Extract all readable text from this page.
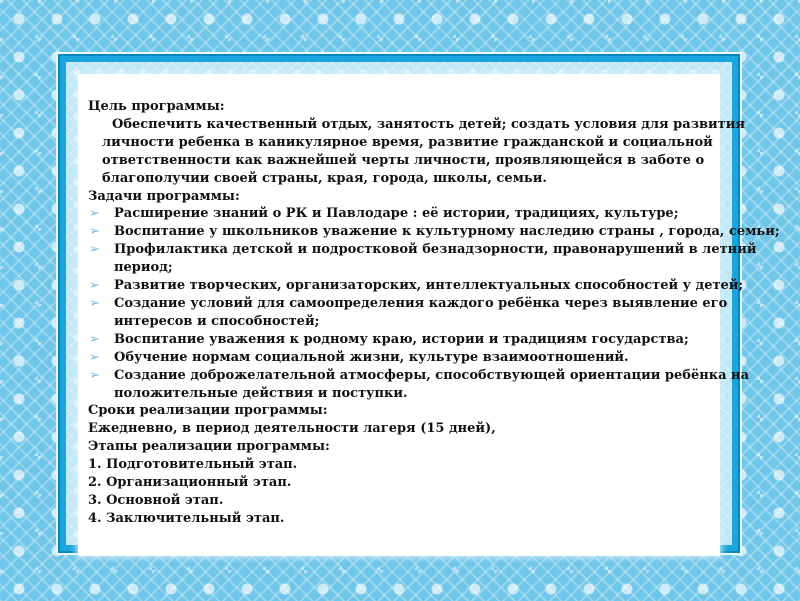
Цель программы:
Обеспечить качественный отдых, занятость детей; создать условия для развития
личности ребенка в каникулярное время, развитие гражданской и социальной
ответственности как важнейшей черты личности, проявляющейся в заботе о
благополучии своей страны, края, города, школы, семьи.
Задачи программы:
➢	Расширение знаний о РК и Павлодаре : её истории, традициях, культуре;
➢	Воспитание у школьников уважение к культурному наследию страны , города, семьи;
➢	Профилактика детской и подростковой безнадзорности, правонарушений в летний
период;
➢	Развитие творческих, организаторских, интеллектуальных способностей у детей;
➢	Создание условий для самоопределения каждого ребёнка через выявление его
интересов и способностей;
➢	Воспитание уважения к родному краю, истории и традициям государства;
➢	Обучение нормам социальной жизни, культуре взаимоотношений.
➢	Создание доброжелательной атмосферы, способствующей ориентации ребёнка на
положительные действия и поступки.
Сроки реализации программы:
Ежедневно, в период деятельности лагеря (15 дней),
Этапы реализации программы:
1. Подготовительный этап.
2. Организационный этап.
3. Основной этап.
4. Заключительный этап.
